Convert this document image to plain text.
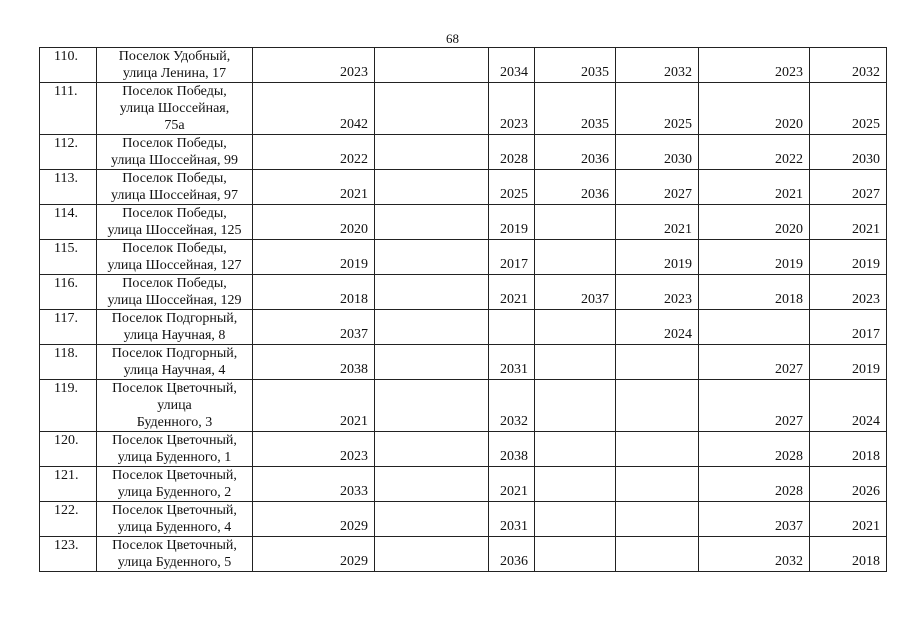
68
110.	Поселок Удобный,
улица Ленина, 17	2023		2034	2035	2032	2023	2032
111.	Поселок Победы,
улица Шоссейная,
75а	2042		2023	2035	2025	2020	2025
112.	Поселок Победы,
улица Шоссейная, 99	2022		2028	2036	2030	2022	2030
113.	Поселок Победы,
улица Шоссейная, 97	2021		2025	2036	2027	2021	2027
114.	Поселок Победы,
улица Шоссейная, 125	2020		2019		2021	2020	2021
115.	Поселок Победы,
улица Шоссейная, 127	2019		2017		2019	2019	2019
116.	Поселок Победы,
улица Шоссейная, 129	2018		2021	2037	2023	2018	2023
117.	Поселок Подгорный,
улица Научная, 8	2037				2024		2017
118.	Поселок Подгорный,
улица Научная, 4	2038		2031			2027	2019
119.	Поселок Цветочный,
улица
Буденного, 3	2021		2032			2027	2024
120.	Поселок Цветочный,
улица Буденного, 1	2023		2038			2028	2018
121.	Поселок Цветочный,
улица Буденного, 2	2033		2021			2028	2026
122.	Поселок Цветочный,
улица Буденного, 4	2029		2031			2037	2021
123.	Поселок Цветочный,
улица Буденного, 5	2029		2036			2032	2018
